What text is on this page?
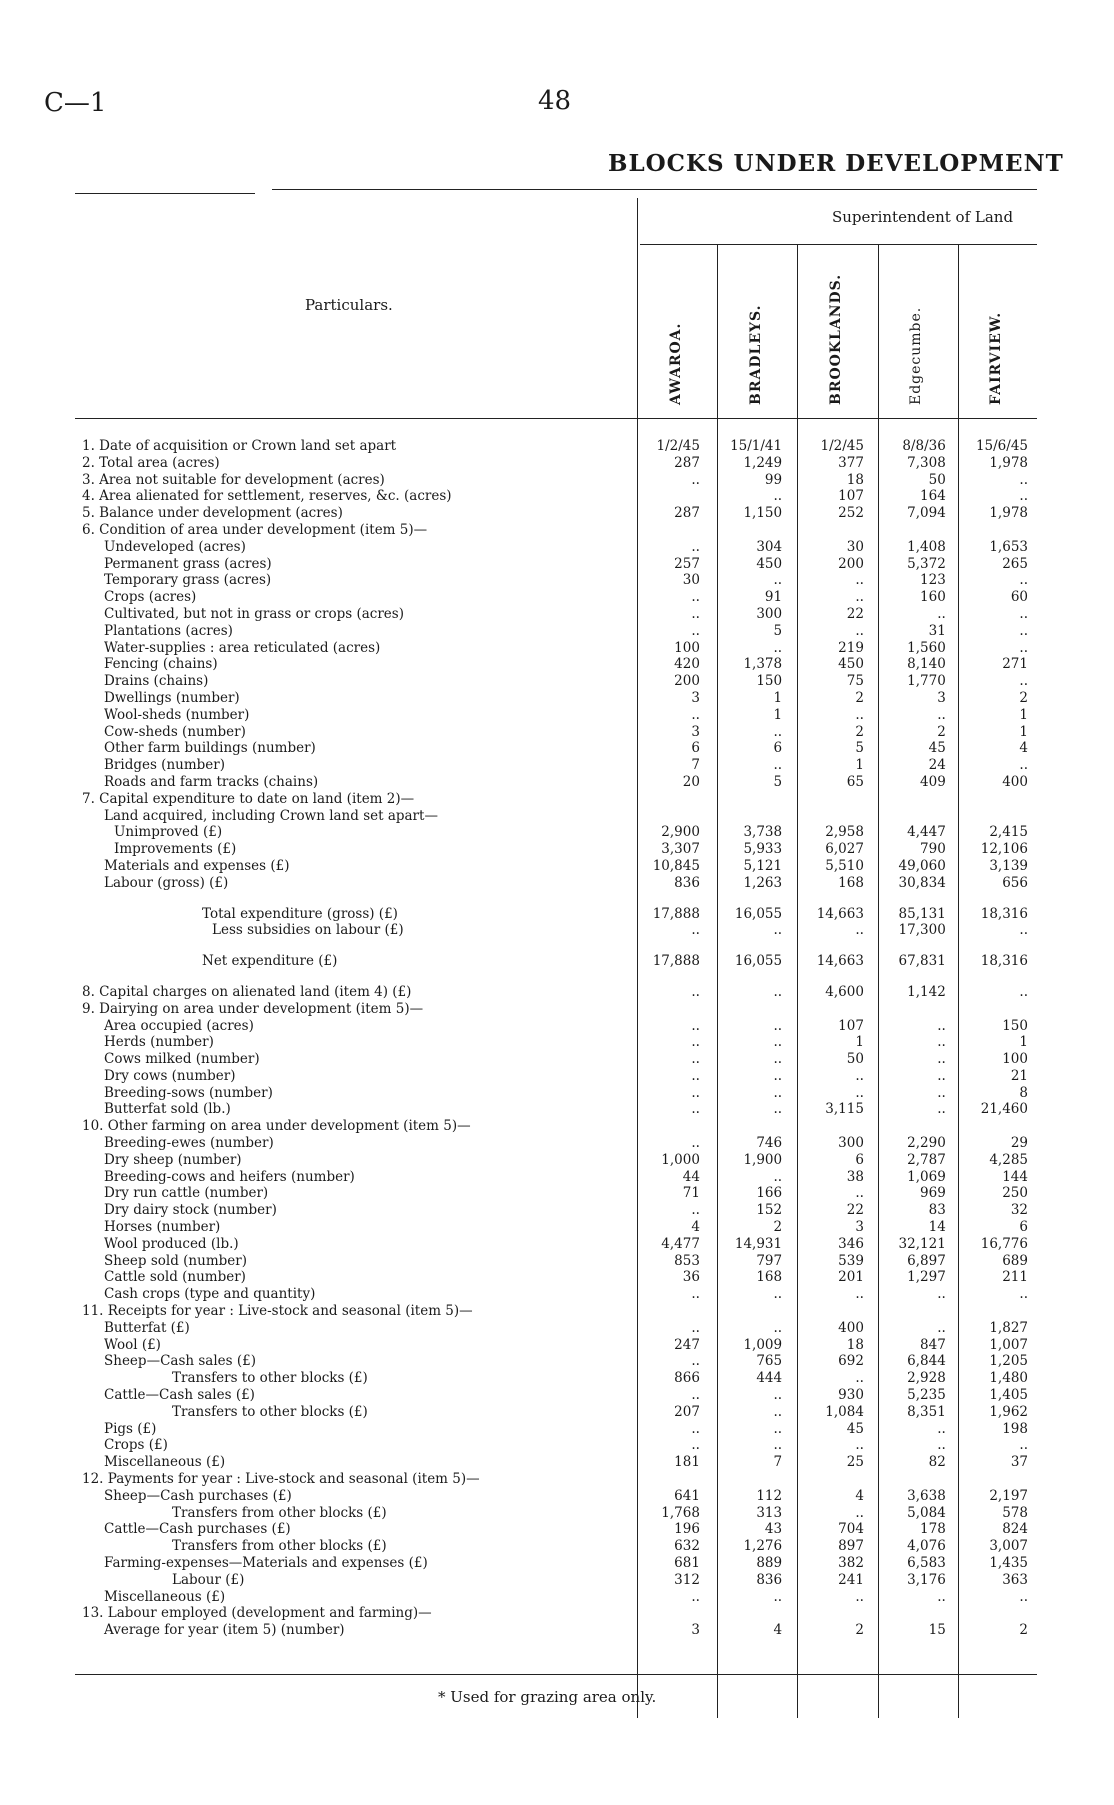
C—1	48
BLOCKS UNDER DEVELOPMENT
Superintendent of Land
Particulars.
AWAROA.	BRADLEYS.	BROOKLANDS.	Edgecumbe.	FAIRVIEW.
1. Date of acquisition or Crown land set apart	1/2/45	15/1/41	1/2/45	8/8/36	15/6/45
2. Total area (acres)	287	1,249	377	7,308	1,978
3. Area not suitable for development (acres)	..	99	18	50	..
4. Area alienated for settlement, reserves, &c. (acres)		..	107	164	..
5. Balance under development (acres)	287	1,150	252	7,094	1,978
6. Condition of area under development (item 5)—					
Undeveloped (acres)	..	304	30	1,408	1,653
Permanent grass (acres)	257	450	200	5,372	265
Temporary grass (acres)	30	..	..	123	..
Crops (acres)	..	91	..	160	60
Cultivated, but not in grass or crops (acres)	..	300	22	..	..
Plantations (acres)	..	5	..	31	..
Water-supplies : area reticulated (acres)	100	..	219	1,560	..
Fencing (chains)	420	1,378	450	8,140	271
Drains (chains)	200	150	75	1,770	..
Dwellings (number)	3	1	2	3	2
Wool-sheds (number)	..	1	..	..	1
Cow-sheds (number)	3	..	2	2	1
Other farm buildings (number)	6	6	5	45	4
Bridges (number)	7	..	1	24	..
Roads and farm tracks (chains)	20	5	65	409	400
7. Capital expenditure to date on land (item 2)—					
Land acquired, including Crown land set apart—					
Unimproved (£)	2,900	3,738	2,958	4,447	2,415
Improvements (£)	3,307	5,933	6,027	790	12,106
Materials and expenses (£)	10,845	5,121	5,510	49,060	3,139
Labour (gross) (£)	836	1,263	168	30,834	656

Total expenditure (gross) (£)	17,888	16,055	14,663	85,131	18,316
Less subsidies on labour (£)	..	..	..	17,300	..

Net expenditure (£)	17,888	16,055	14,663	67,831	18,316

8. Capital charges on alienated land (item 4) (£)	..	..	4,600	1,142	..
9. Dairying on area under development (item 5)—					
Area occupied (acres)	..	..	107	..	150
Herds (number)	..	..	1	..	1
Cows milked (number)	..	..	50	..	100
Dry cows (number)	..	..	..	..	21
Breeding-sows (number)	..	..	..	..	8
Butterfat sold (lb.)	..	..	3,115	..	21,460
10. Other farming on area under development (item 5)—					
Breeding-ewes (number)	..	746	300	2,290	29
Dry sheep (number)	1,000	1,900	6	2,787	4,285
Breeding-cows and heifers (number)	44	..	38	1,069	144
Dry run cattle (number)	71	166	..	969	250
Dry dairy stock (number)	..	152	22	83	32
Horses (number)	4	2	3	14	6
Wool produced (lb.)	4,477	14,931	346	32,121	16,776
Sheep sold (number)	853	797	539	6,897	689
Cattle sold (number)	36	168	201	1,297	211
Cash crops (type and quantity)	..	..	..	..	..
11. Receipts for year : Live-stock and seasonal (item 5)—					
Butterfat (£)	..	..	400	..	1,827
Wool (£)	247	1,009	18	847	1,007
Sheep—Cash sales (£)	..	765	692	6,844	1,205
Transfers to other blocks (£)	866	444	..	2,928	1,480
Cattle—Cash sales (£)	..	..	930	5,235	1,405
Transfers to other blocks (£)	207	..	1,084	8,351	1,962
Pigs (£)	..	..	45	..	198
Crops (£)	..	..	..	..	..
Miscellaneous (£)	181	7	25	82	37
12. Payments for year : Live-stock and seasonal (item 5)—					
Sheep—Cash purchases (£)	641	112	4	3,638	2,197
Transfers from other blocks (£)	1,768	313	..	5,084	578
Cattle—Cash purchases (£)	196	43	704	178	824
Transfers from other blocks (£)	632	1,276	897	4,076	3,007
Farming-expenses—Materials and expenses (£)	681	889	382	6,583	1,435
Labour (£)	312	836	241	3,176	363
Miscellaneous (£)	..	..	..	..	..
13. Labour employed (development and farming)—					
Average for year (item 5) (number)	3	4	2	15	2
* Used for grazing area only.
